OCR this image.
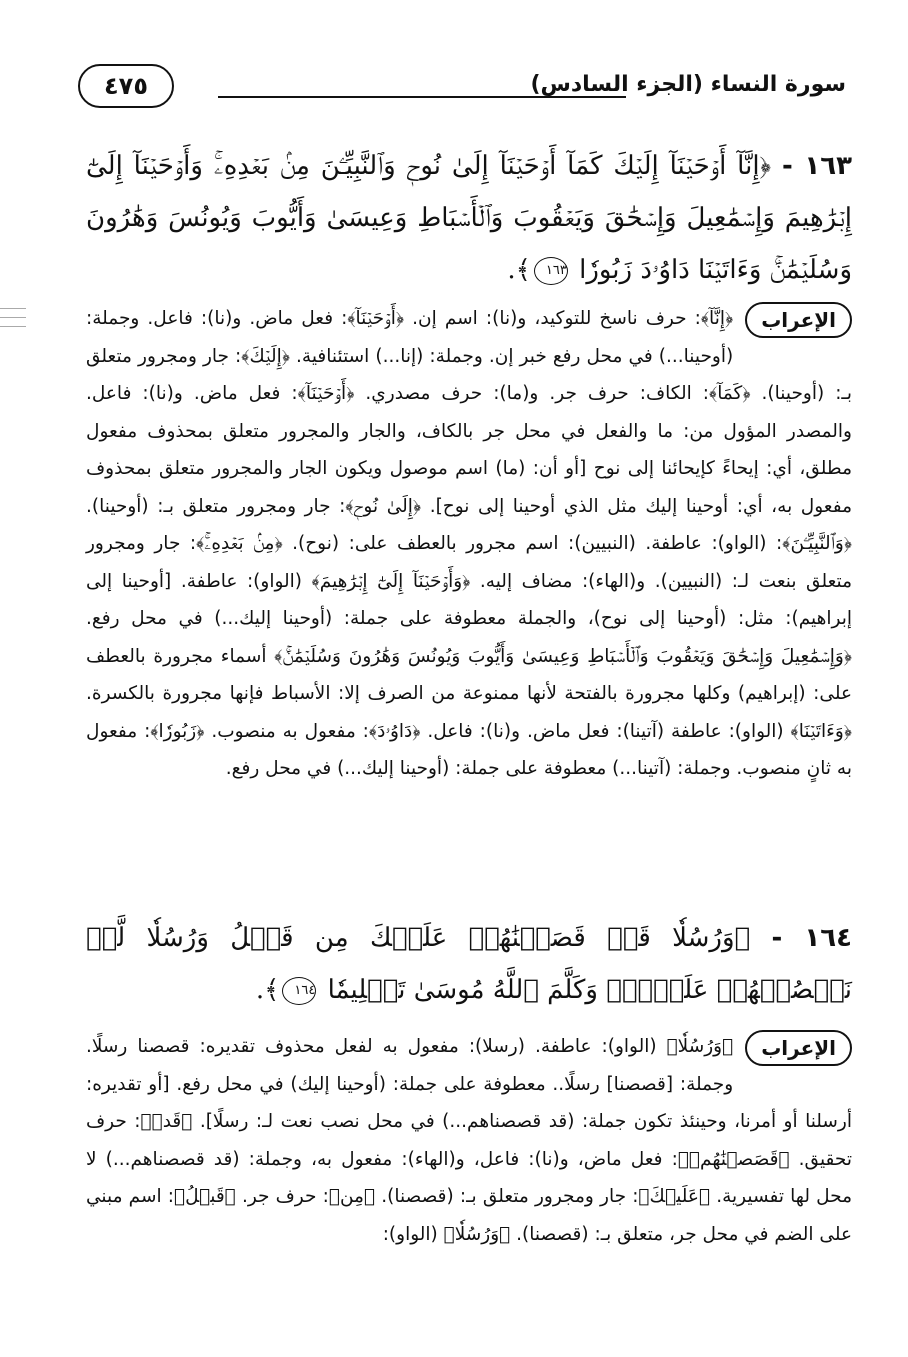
٤٧٥	سورة النساء (الجزء السادس)
١٦٣ - ﴿إِنَّآ أَوۡحَيۡنَآ إِلَيۡكَ كَمَآ أَوۡحَيۡنَآ إِلَىٰ نُوحٖ وَٱلنَّبِيِّـۧنَ مِنۢ بَعۡدِهِۦۚ وَأَوۡحَيۡنَآ إِلَىٰٓ إِبۡرَٰهِيمَ وَإِسۡمَٰعِيلَ وَإِسۡحَٰقَ وَيَعۡقُوبَ وَٱلۡأَسۡبَاطِ وَعِيسَىٰ وَأَيُّوبَ وَيُونُسَ وَهَٰرُونَ وَسُلَيۡمَٰنَۚ وَءَاتَيۡنَا دَاوُۥدَ زَبُورٗا ١٦٣﴾.
الإعراب
﴿إِنَّآ﴾: حرف ناسخ للتوكيد، و(نا): اسم إن. ﴿أَوۡحَيۡنَآ﴾: فعل ماض. و(نا): فاعل. وجملة: (أوحينا...) في محل رفع خبر إن. وجملة: (إنا...) استئنافية. ﴿إِلَيۡكَ﴾: جار ومجرور متعلق بـ: (أوحينا). ﴿كَمَآ﴾: الكاف: حرف جر. و(ما): حرف مصدري. ﴿أَوۡحَيۡنَآ﴾: فعل ماض. و(نا): فاعل. والمصدر المؤول من: ما والفعل في محل جر بالكاف، والجار والمجرور متعلق بمحذوف مفعول مطلق، أي: إيحاءً كإيحائنا إلى نوح [أو أن: (ما) اسم موصول ويكون الجار والمجرور متعلق بمحذوف مفعول به، أي: أوحينا إليك مثل الذي أوحينا إلى نوح]. ﴿إِلَىٰ نُوحٖ﴾: جار ومجرور متعلق بـ: (أوحينا). ﴿وَٱلنَّبِيِّـۧنَ﴾: (الواو): عاطفة. (النبيين): اسم مجرور بالعطف على: (نوح). ﴿مِنۢ بَعۡدِهِۦۚ﴾: جار ومجرور متعلق بنعت لـ: (النبيين). و(الهاء): مضاف إليه. ﴿وَأَوۡحَيۡنَآ إِلَىٰٓ إِبۡرَٰهِيمَ﴾ (الواو): عاطفة. [أوحينا إلى إبراهيم): مثل: (أوحينا إلى نوح)، والجملة معطوفة على جملة: (أوحينا إليك...) في محل رفع. ﴿وَإِسۡمَٰعِيلَ وَإِسۡحَٰقَ وَيَعۡقُوبَ وَٱلۡأَسۡبَاطِ وَعِيسَىٰ وَأَيُّوبَ وَيُونُسَ وَهَٰرُونَ وَسُلَيۡمَٰنَۚ﴾ أسماء مجرورة بالعطف على: (إبراهيم) وكلها مجرورة بالفتحة لأنها ممنوعة من الصرف إلا: الأسباط فإنها مجرورة بالكسرة. ﴿وَءَاتَيۡنَا﴾ (الواو): عاطفة (آتينا): فعل ماض. و(نا): فاعل. ﴿دَاوُۥدَ﴾: مفعول به منصوب. ﴿زَبُورٗا﴾: مفعول به ثانٍ منصوب. وجملة: (آتينا...) معطوفة على جملة: (أوحينا إليك...) في محل رفع.
١٦٤ - ﴿وَرُسُلٗا قَدۡ قَصَصۡنَٰهُمۡ عَلَيۡكَ مِن قَبۡلُ وَرُسُلٗا لَّمۡ نَقۡصُصۡهُمۡ عَلَيۡكَۚ وَكَلَّمَ ٱللَّهُ مُوسَىٰ تَكۡلِيمٗا ١٦٤﴾.
الإعراب
﴿وَرُسُلٗا﴾ (الواو): عاطفة. (رسلا): مفعول به لفعل محذوف تقديره: قصصنا رسلًا. وجملة: [قصصنا] رسلًا.. معطوفة على جملة: (أوحينا إليك) في محل رفع. [أو تقديره: أرسلنا أو أمرنا، وحينئذ تكون جملة: (قد قصصناهم...) في محل نصب نعت لـ: رسلًا]. ﴿قَدۡ﴾: حرف تحقيق. ﴿قَصَصۡنَٰهُمۡ﴾: فعل ماض، و(نا): فاعل، و(الهاء): مفعول به، وجملة: (قد قصصناهم...) لا محل لها تفسيرية. ﴿عَلَيۡكَ﴾: جار ومجرور متعلق بـ: (قصصنا). ﴿مِن﴾: حرف جر. ﴿قَبۡلُ﴾: اسم مبني على الضم في محل جر، متعلق بـ: (قصصنا). ﴿وَرُسُلٗا﴾ (الواو):
